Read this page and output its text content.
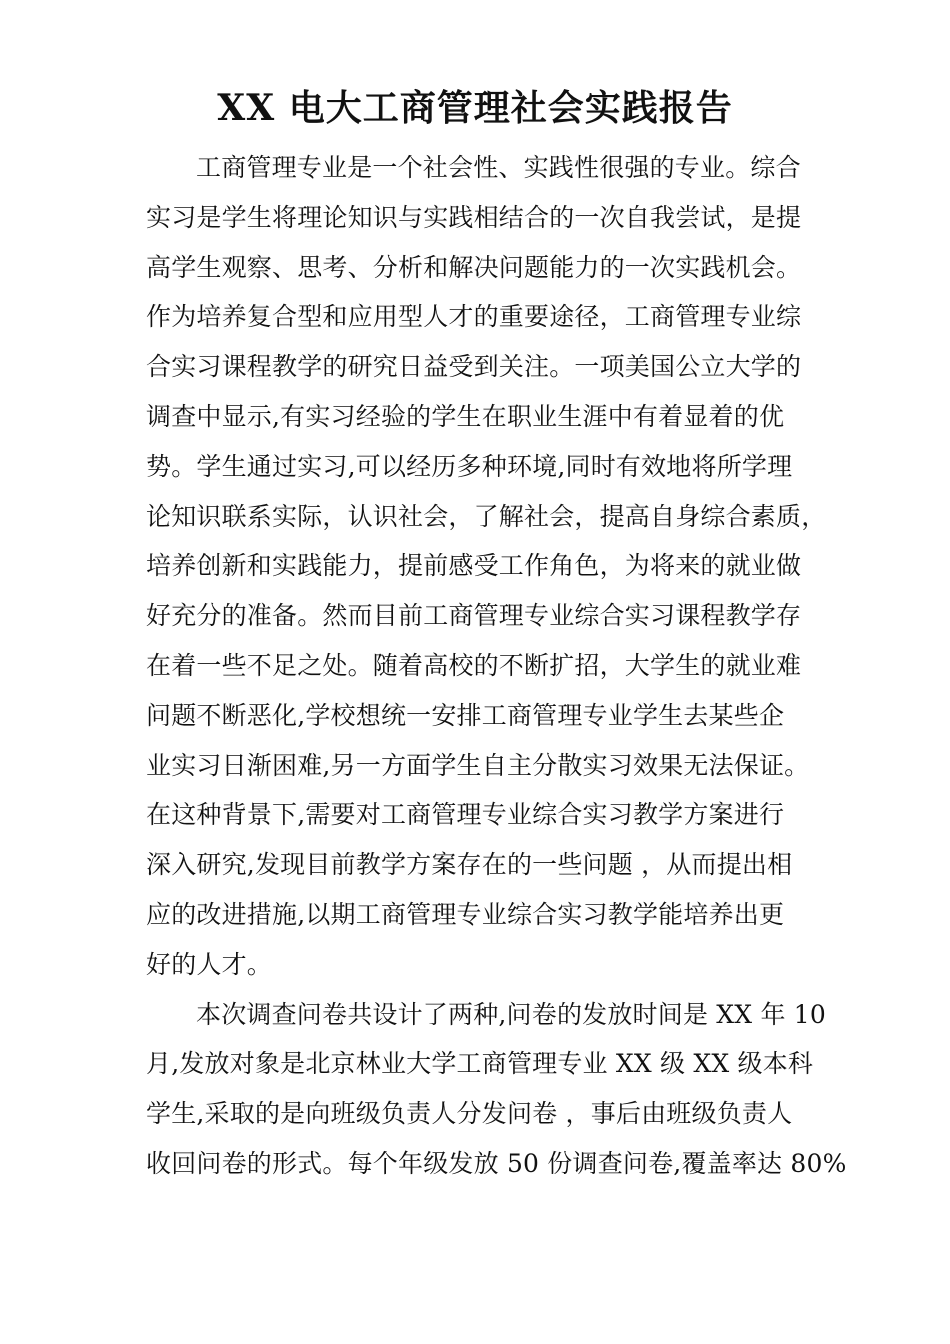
XX 电大工商管理社会实践报告
工商管理专业是一个社会性、实践性很强的专业。综合
实习是学生将理论知识与实践相结合的一次自我尝试，是提
高学生观察、思考、分析和解决问题能力的一次实践机会。
作为培养复合型和应用型人才的重要途径，工商管理专业综
合实习课程教学的研究日益受到关注。一项美国公立大学的
调查中显示,有实习经验的学生在职业生涯中有着显着的优
势。学生通过实习,可以经历多种环境,同时有效地将所学理
论知识联系实际，认识社会，了解社会，提高自身综合素质，
培养创新和实践能力，提前感受工作角色，为将来的就业做
好充分的准备。然而目前工商管理专业综合实习课程教学存
在着一些不足之处。随着高校的不断扩招，大学生的就业难
问题不断恶化,学校想统一安排工商管理专业学生去某些企
业实习日渐困难,另一方面学生自主分散实习效果无法保证。
在这种背景下,需要对工商管理专业综合实习教学方案进行
深入研究,发现目前教学方案存在的一些问题 ，从而提出相
应的改进措施,以期工商管理专业综合实习教学能培养出更
好的人才。
本次调查问卷共设计了两种,问卷的发放时间是 XX 年 10
月,发放对象是北京林业大学工商管理专业 XX 级 XX 级本科
学生,采取的是向班级负责人分发问卷 ，事后由班级负责人
收回问卷的形式。每个年级发放 50 份调查问卷,覆盖率达 80%
